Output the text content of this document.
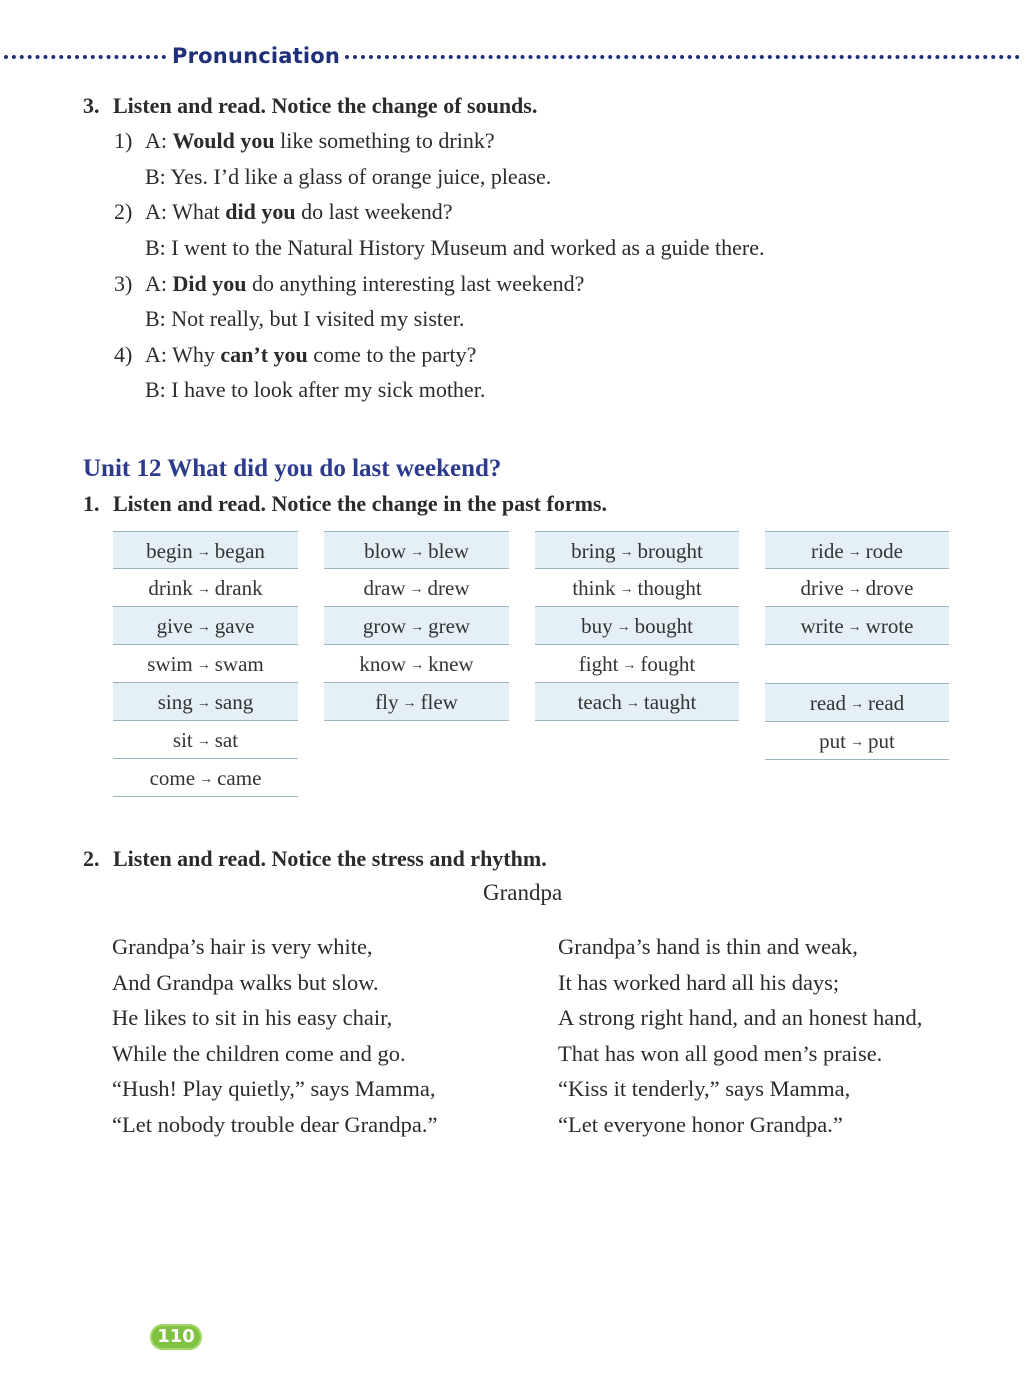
Pronunciation
3. Listen and read. Notice the change of sounds.
1) A: Would you like something to drink?
B: Yes. I’d like a glass of orange juice, please.
2) A: What did you do last weekend?
B: I went to the Natural History Museum and worked as a guide there.
3) A: Did you do anything interesting last weekend?
B: Not really, but I visited my sister.
4) A: Why can’t you come to the party?
B: I have to look after my sick mother.
Unit 12 What did you do last weekend?
1. Listen and read. Notice the change in the past forms.
begin → began
drink → drank
give → gave
swim → swam
sing → sang
sit → sat
come → came
blow → blew
draw → drew
grow → grew
know → knew
fly → flew
bring → brought
think → thought
buy → bought
fight → fought
teach → taught
ride → rode
drive → drove
write → wrote
read → read
put → put
2. Listen and read. Notice the stress and rhythm.
Grandpa
Grandpa’s hair is very white,
And Grandpa walks but slow.
He likes to sit in his easy chair,
While the children come and go.
“Hush! Play quietly,” says Mamma,
“Let nobody trouble dear Grandpa.”
Grandpa’s hand is thin and weak,
It has worked hard all his days;
A strong right hand, and an honest hand,
That has won all good men’s praise.
“Kiss it tenderly,” says Mamma,
“Let everyone honor Grandpa.”
110
